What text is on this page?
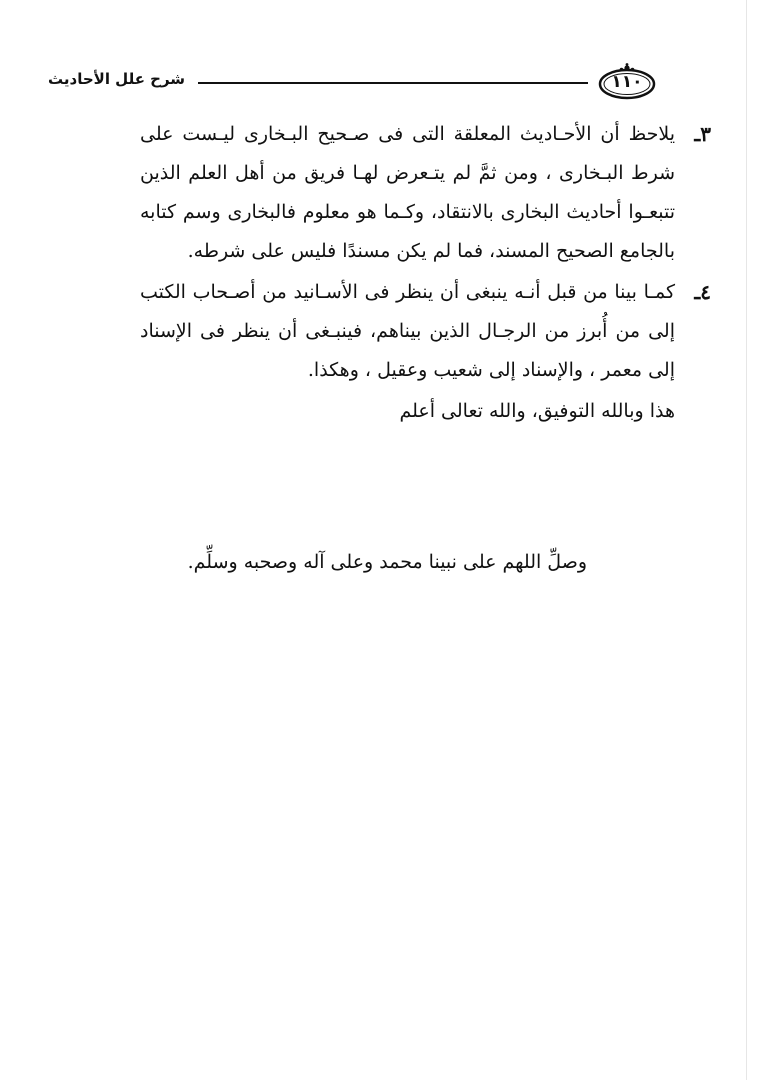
شرح علل الأحاديث	١١٠
٣ـ
يلاحظ أن الأحـاديث المعلقة التى فى صـحيح البـخارى ليـست على شرط البـخارى ، ومن ثمَّ لم يتـعرض لهـا فريق من أهل العلم الذين تتبعـوا أحاديث البخارى بالانتقاد، وكـما هو معلوم فالبخارى وسم كتابه بالجامع الصحيح المسند، فما لم يكن مسندًا فليس على شرطه.
٤ـ
كمـا بينا من قبل أنـه ينبغى أن ينظر فى الأسـانيد من أصـحاب الكتب إلى من أُبرز من الرجـال الذين بيناهم، فينبـغى أن ينظر فى الإسناد إلى معمر ، والإسناد إلى شعيب وعقيل ، وهكذا.

هذا وبالله التوفيق، والله تعالى أعلم

وصلِّ اللهم على نبينا محمد وعلى آله وصحبه وسلِّم.
